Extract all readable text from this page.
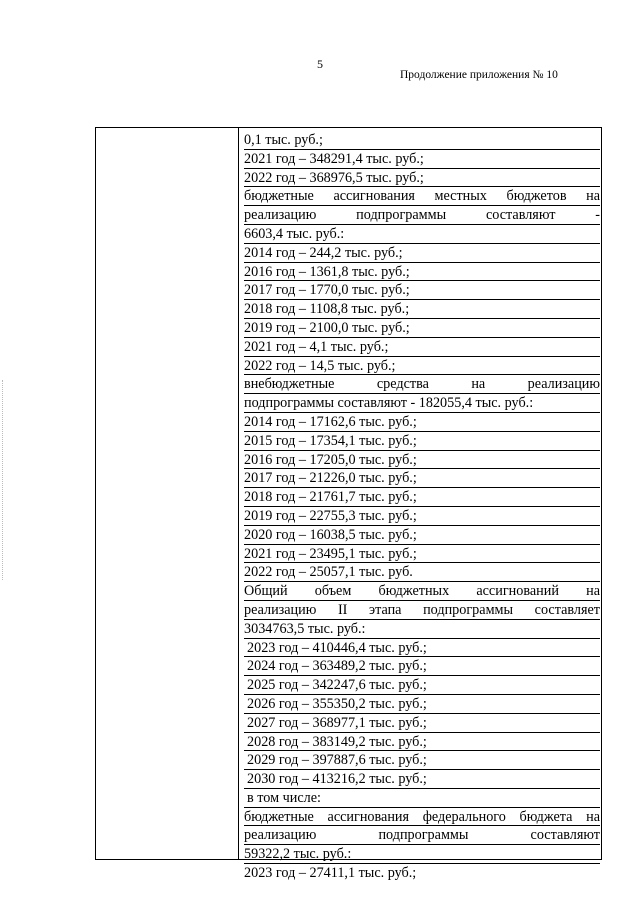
5
Продолжение приложения № 10
0,1 тыс. руб.;
2021 год – 348291,4 тыс. руб.;
2022 год – 368976,5 тыс. руб.;
бюджетные ассигнования местных бюджетов на
реализацию подпрограммы составляют -
6603,4 тыс. руб.:
2014 год – 244,2 тыс. руб.;
2016 год – 1361,8 тыс. руб.;
2017 год – 1770,0 тыс. руб.;
2018 год – 1108,8 тыс. руб.;
2019 год – 2100,0 тыс. руб.;
2021 год – 4,1 тыс. руб.;
2022 год – 14,5 тыс. руб.;
внебюджетные средства на реализацию
подпрограммы составляют - 182055,4 тыс. руб.:
2014 год – 17162,6 тыс. руб.;
2015 год – 17354,1 тыс. руб.;
2016 год – 17205,0 тыс. руб.;
2017 год – 21226,0 тыс. руб.;
2018 год – 21761,7 тыс. руб.;
2019 год – 22755,3 тыс. руб.;
2020 год – 16038,5 тыс. руб.;
2021 год – 23495,1 тыс. руб.;
2022 год – 25057,1 тыс. руб.
Общий объем бюджетных ассигнований на
реализацию II этапа подпрограммы составляет
3034763,5 тыс. руб.:
2023 год – 410446,4 тыс. руб.;
2024 год – 363489,2 тыс. руб.;
2025 год – 342247,6 тыс. руб.;
2026 год – 355350,2 тыс. руб.;
2027 год – 368977,1 тыс. руб.;
2028 год – 383149,2 тыс. руб.;
2029 год – 397887,6 тыс. руб.;
2030 год – 413216,2 тыс. руб.;
в том числе:
бюджетные ассигнования федерального бюджета на
реализацию подпрограммы составляют
59322,2 тыс. руб.:
2023 год – 27411,1 тыс. руб.;
